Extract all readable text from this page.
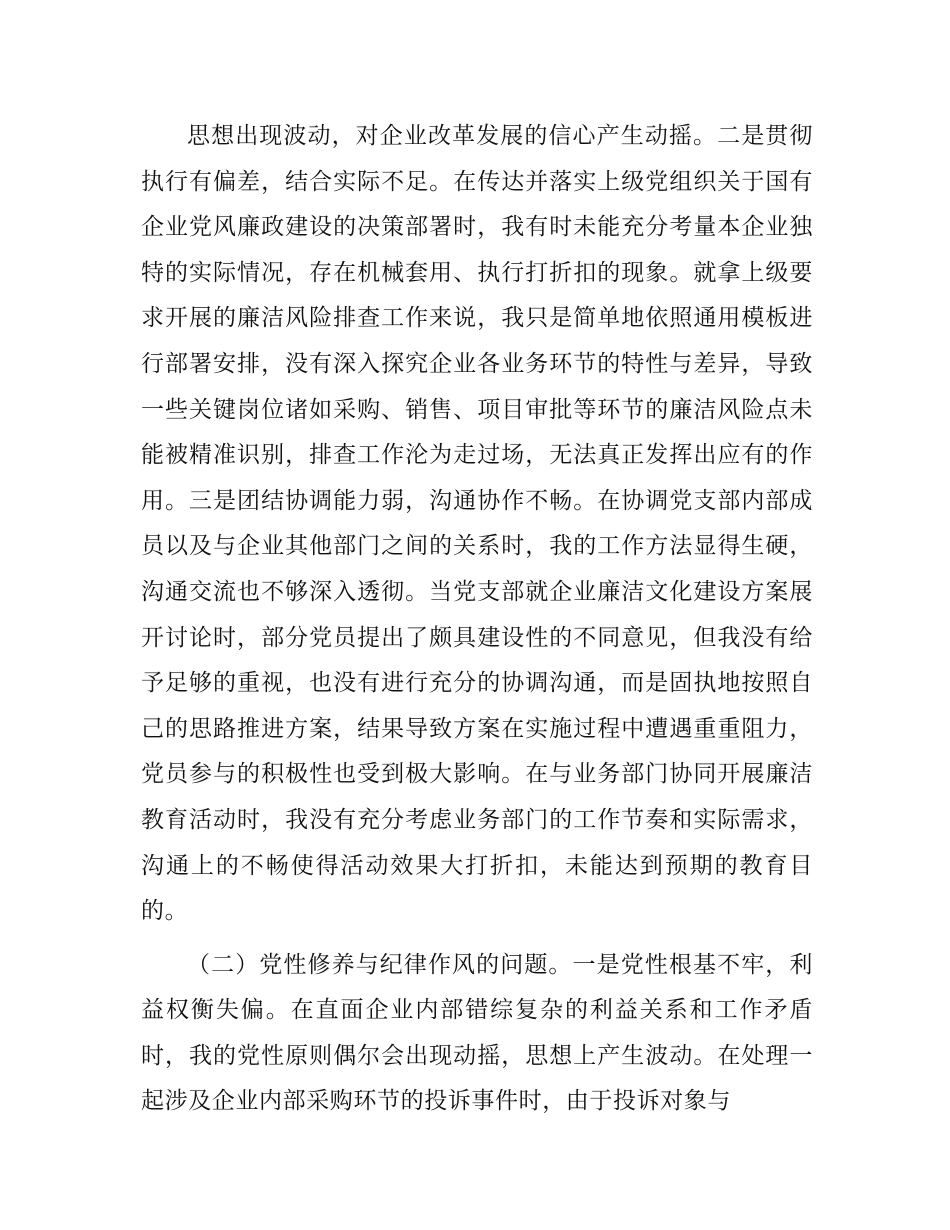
思想出现波动，对企业改革发展的信心产生动摇。二是贯彻执行有偏差，结合实际不足。在传达并落实上级党组织关于国有企业党风廉政建设的决策部署时，我有时未能充分考量本企业独特的实际情况，存在机械套用、执行打折扣的现象。就拿上级要求开展的廉洁风险排查工作来说，我只是简单地依照通用模板进行部署安排，没有深入探究企业各业务环节的特性与差异，导致一些关键岗位诸如采购、销售、项目审批等环节的廉洁风险点未能被精准识别，排查工作沦为走过场，无法真正发挥出应有的作用。三是团结协调能力弱，沟通协作不畅。在协调党支部内部成员以及与企业其他部门之间的关系时，我的工作方法显得生硬，沟通交流也不够深入透彻。当党支部就企业廉洁文化建设方案展开讨论时，部分党员提出了颇具建设性的不同意见，但我没有给予足够的重视，也没有进行充分的协调沟通，而是固执地按照自己的思路推进方案，结果导致方案在实施过程中遭遇重重阻力，党员参与的积极性也受到极大影响。在与业务部门协同开展廉洁教育活动时，我没有充分考虑业务部门的工作节奏和实际需求，沟通上的不畅使得活动效果大打折扣，未能达到预期的教育目的。

（二）党性修养与纪律作风的问题。一是党性根基不牢，利益权衡失偏。在直面企业内部错综复杂的利益关系和工作矛盾时，我的党性原则偶尔会出现动摇，思想上产生波动。在处理一起涉及企业内部采购环节的投诉事件时，由于投诉对象与
